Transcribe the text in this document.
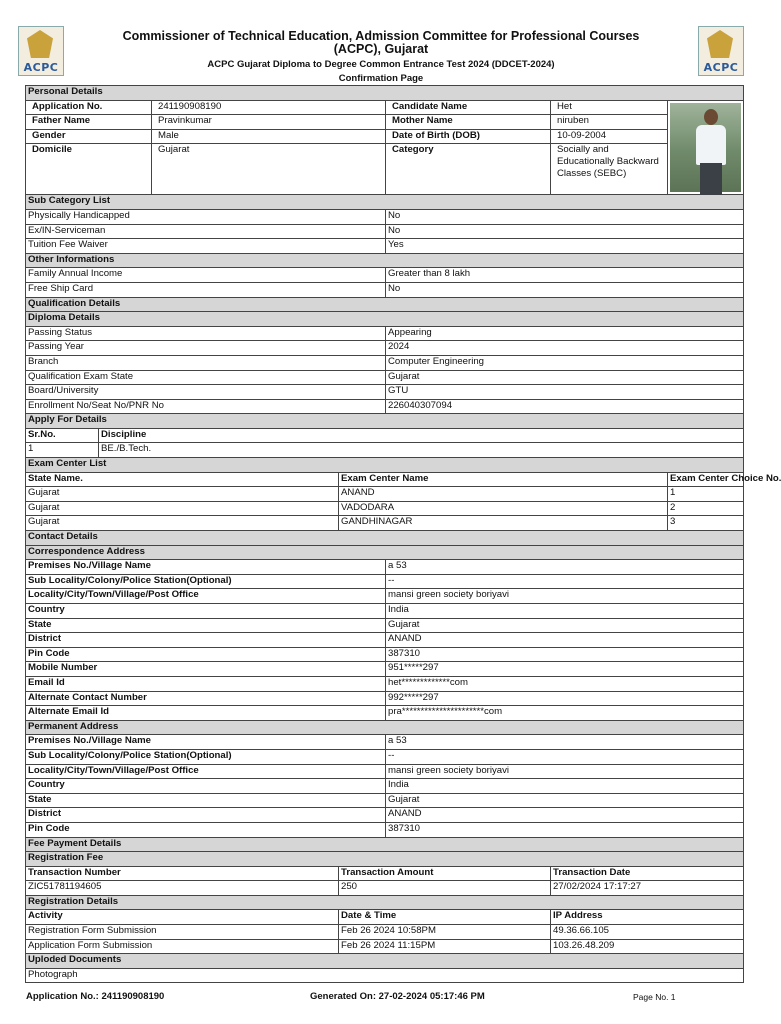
ACPC
Commissioner of Technical Education, Admission Committee for Professional Courses (ACPC), Gujarat
ACPC Gujarat Diploma to Degree Common Entrance Test 2024 (DDCET-2024)
Confirmation Page
ACPC
Personal Details						
Application No.		241190908190		Candidate Name	Het	

Father Name		Pravinkumar		Mother Name	niruben	
Gender		Male		Date of Birth (DOB)	10-09-2004	
Domicile		Gujarat		Category	Socially and Educationally Backward Classes (SEBC)	
Sub Category List						
Physically Handicapped				No		
Ex/IN-Serviceman				No		
Tuition Fee Waiver				Yes		
Other Informations						
Family Annual Income				Greater than 8 lakh		
Free Ship Card				No		
Qualification Details						
Diploma Details						
Passing Status				Appearing		
Passing Year				2024		
Branch				Computer Engineering		
Qualification Exam State				Gujarat		
Board/University				GTU		
Enrollment No/Seat No/PNR No				226040307094		
Apply For Details						
Sr.No.	Discipline					
1	BE./B.Tech.					
Exam Center List						
State Name.			Exam Center Name			Exam Center Choice No.
Gujarat			ANAND			1
Gujarat			VADODARA			2
Gujarat			GANDHINAGAR			3
Contact Details						
Correspondence Address						
Premises No./Village Name				a 53		
Sub Locality/Colony/Police Station(Optional)				--		
Locality/City/Town/Village/Post Office				mansi green society boriyavi		
Country				India		
State				Gujarat		
District				ANAND		
Pin Code				387310		
Mobile Number				951*****297		
Email Id				het*************com		
Alternate Contact Number				992*****297		
Alternate Email Id				pra**********************com		
Permanent Address						
Premises No./Village Name				a 53		
Sub Locality/Colony/Police Station(Optional)				--		
Locality/City/Town/Village/Post Office				mansi green society boriyavi		
Country				India		
State				Gujarat		
District				ANAND		
Pin Code				387310		
Fee Payment Details						
Registration Fee						
Transaction Number			Transaction Amount		Transaction Date	
ZIC51781194605			250		27/02/2024 17:17:27	
Registration Details						
Activity			Date & Time		IP Address	
Registration Form Submission			Feb 26 2024 10:58PM		49.36.66.105	
Application Form Submission			Feb 26 2024 11:15PM		103.26.48.209	
Uploded Documents						
Photograph						
Application No.: 241190908190	Generated On: 27-02-2024 05:17:46 PM	Page No. 1
